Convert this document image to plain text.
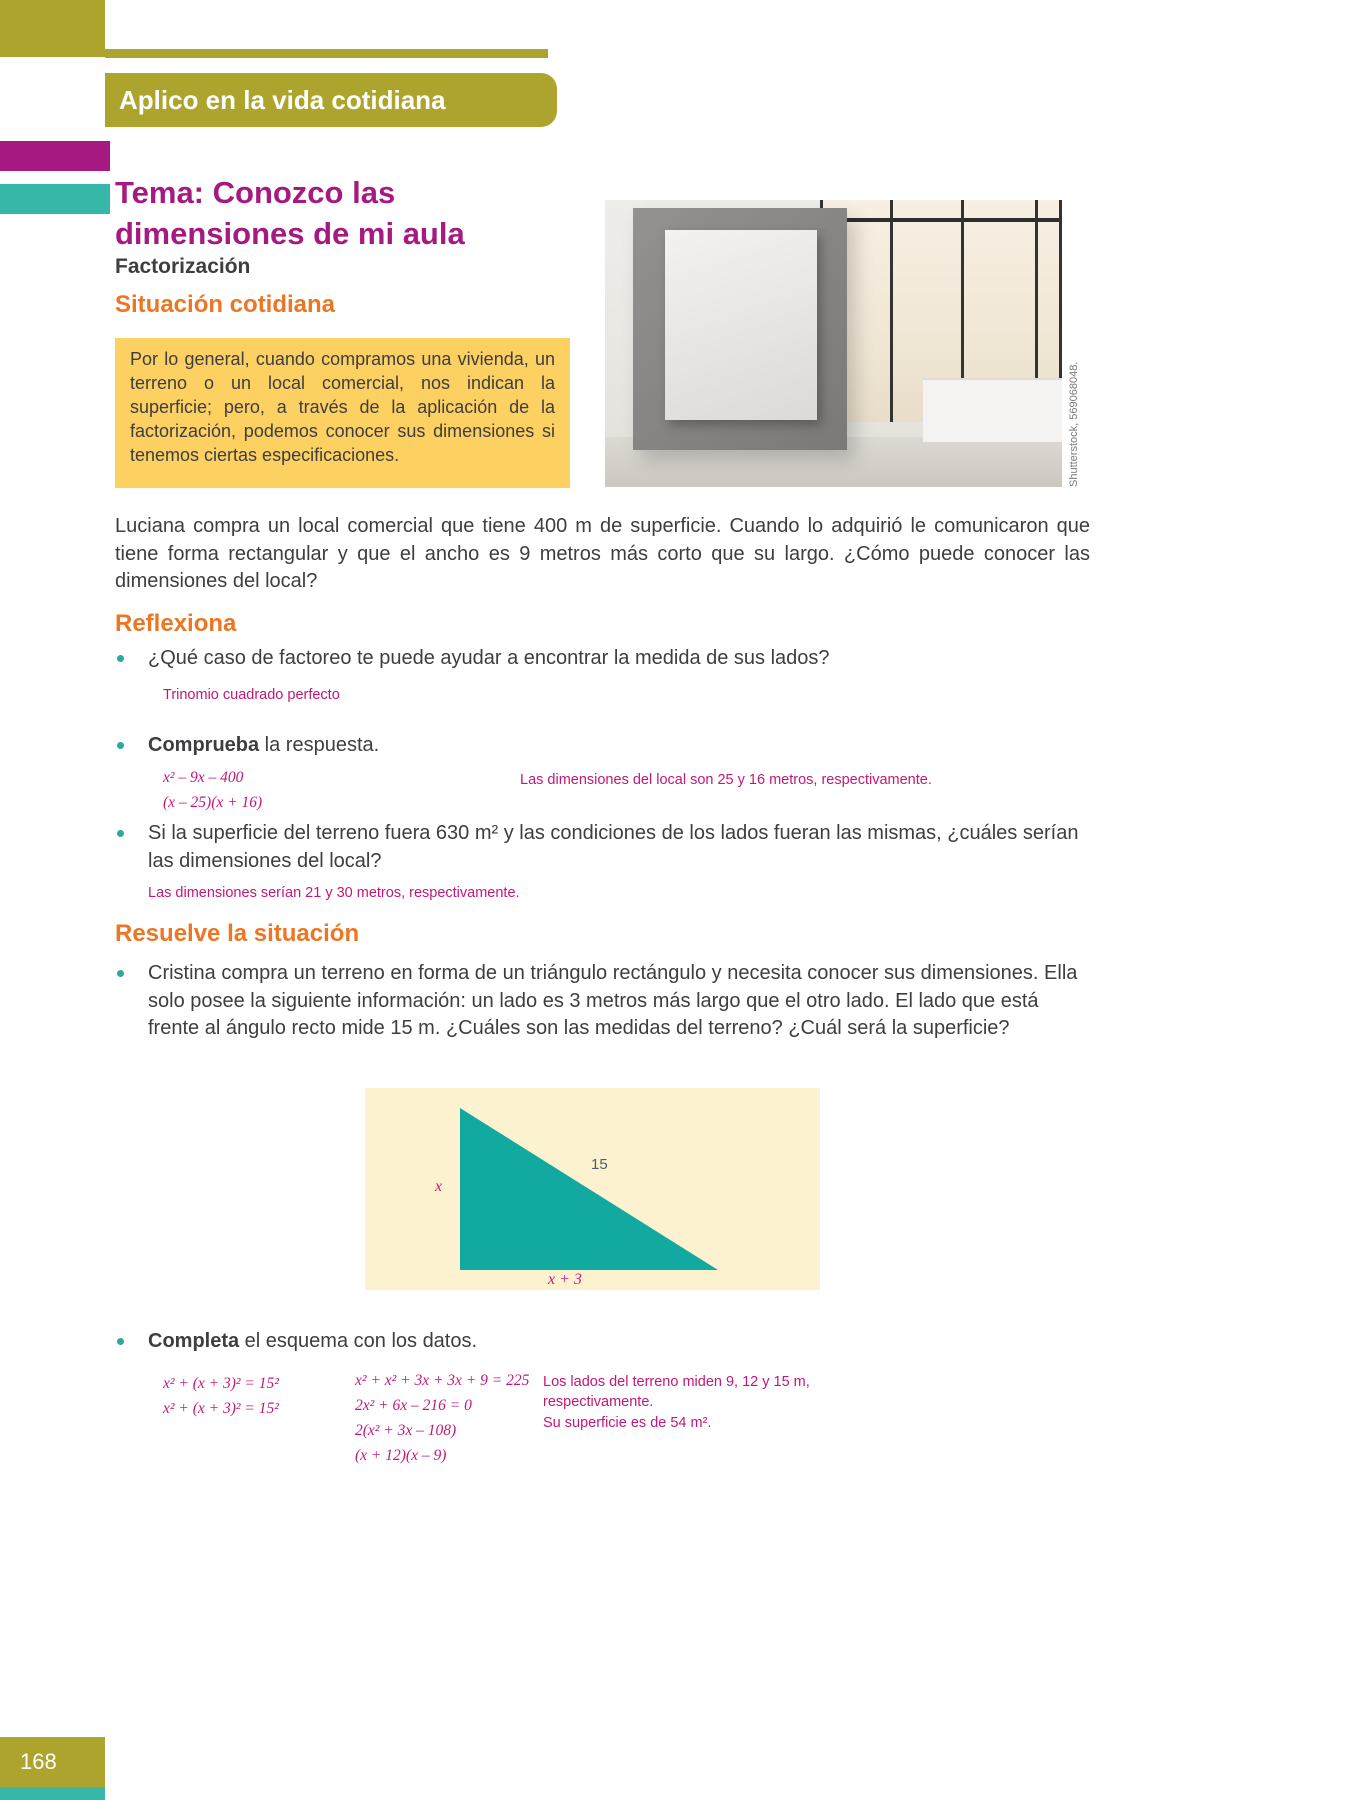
Aplico en la vida cotidiana
Tema: Conozco las
dimensiones de mi aula
Factorización
Situación cotidiana
Por lo general, cuando compramos una vivienda, un terreno o un local comercial, nos indican la superficie; pero, a través de la aplicación de la factorización, podemos conocer sus dimensiones si tenemos ciertas especificaciones.	Shutterstock, 569068048.
Luciana compra un local comercial que tiene 400 m de superficie. Cuando lo adquirió le comunicaron que tiene forma rectangular y que el ancho es 9 metros más corto que su largo. ¿Cómo puede conocer las dimensiones del local?
Reflexiona
¿Qué caso de factoreo te puede ayudar a encontrar la medida de sus lados?
Trinomio cuadrado perfecto
Comprueba la respuesta.
x² – 9x – 400
(x – 25)(x + 16)
Las dimensiones del local son 25 y 16 metros, respectivamente.
Si la superficie del terreno fuera 630 m² y las condiciones de los lados fueran las mismas, ¿cuáles serían las dimensiones del local?
Las dimensiones serían 21 y 30 metros, respectivamente.
Resuelve la situación
Cristina compra un terreno en forma de un triángulo rectángulo y necesita conocer sus dimensiones. Ella solo posee la siguiente información: un lado es 3 metros más largo que el otro lado. El lado que está frente al ángulo recto mide 15 m. ¿Cuáles son las medidas del terreno? ¿Cuál será la superficie?
x
15
x + 3
Completa el esquema con los datos.
x² + (x + 3)² = 15²
x² + (x + 3)² = 15²
x² + x² + 3x + 3x + 9 = 225
2x² + 6x – 216 = 0
2(x² + 3x – 108)
(x + 12)(x – 9)
Los lados del terreno miden 9, 12 y 15 m, respectivamente.
Su superficie es de 54 m².
168
